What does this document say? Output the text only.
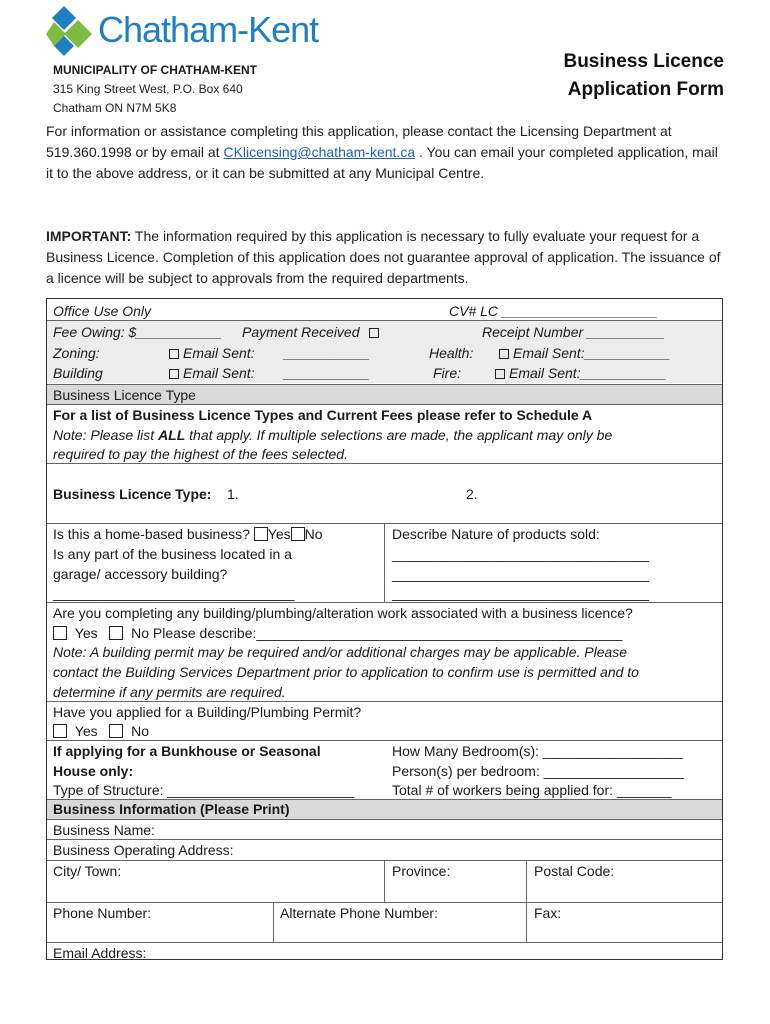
Chatham-Kent
MUNICIPALITY OF CHATHAM-KENT
315 King Street West, P.O. Box 640
Chatham ON N7M 5K8
Business Licence
Application Form
For information or assistance completing this application, please contact the Licensing Department at 519.360.1998 or by email at CKlicensing@chatham-kent.ca . You can email your completed application, mail it to the above address, or it can be submitted at any Municipal Centre.
IMPORTANT: The information required by this application is necessary to fully evaluate your request for a Business Licence. Completion of this application does not guarantee approval of application. The issuance of a licence will be subject to approvals from the required departments.
Office Use Only	CV# LC ____________________
Fee Owing: $___________ Payment Received	Receipt Number __________
Zoning:	Email Sent: ___________	Health:	Email Sent:___________
Building	Email Sent: ___________	Fire:	Email Sent:___________
Business Licence Type
For a list of Business Licence Types and Current Fees please refer to Schedule A
Note: Please list ALL that apply. If multiple selections are made, the applicant may only be
required to pay the highest of the fees selected.
Business Licence Type: 1.	2.
Is this a home-based business? Yes No
Is any part of the business located in a
garage/ accessory building?
_______________________________
Describe Nature of products sold:
_________________________________
_________________________________
_________________________________
Are you completing any building/plumbing/alteration work associated with a business licence?
Yes No Please describe:_______________________________________________
Note: A building permit may be required and/or additional charges may be applicable. Please
contact the Building Services Department prior to application to confirm use is permitted and to
determine if any permits are required.
Have you applied for a Building/Plumbing Permit?
Yes No
If applying for a Bunkhouse or Seasonal
House only:
Type of Structure: ________________________
How Many Bedroom(s): __________________
Person(s) per bedroom: __________________
Total # of workers being applied for: _______
Business Information (Please Print)
Business Name:
Business Operating Address:
City/ Town:	Province:	Postal Code:
Phone Number:	Alternate Phone Number:	Fax:
Email Address:
